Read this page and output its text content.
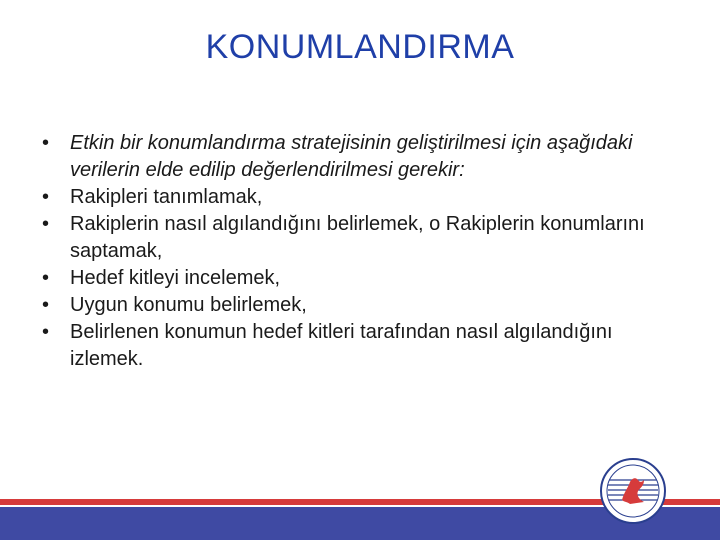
KONUMLANDIRMA
• Etkin bir konumlandırma stratejisinin geliştirilmesi için aşağıdaki verilerin elde edilip değerlendirilmesi gerekir:
• Rakipleri tanımlamak,
• Rakiplerin nasıl algılandığını belirlemek, o Rakiplerin konumlarını saptamak,
• Hedef kitleyi incelemek,
• Uygun konumu belirlemek,
• Belirlenen konumun hedef kitleri tarafından nasıl algılandığını izlemek.
